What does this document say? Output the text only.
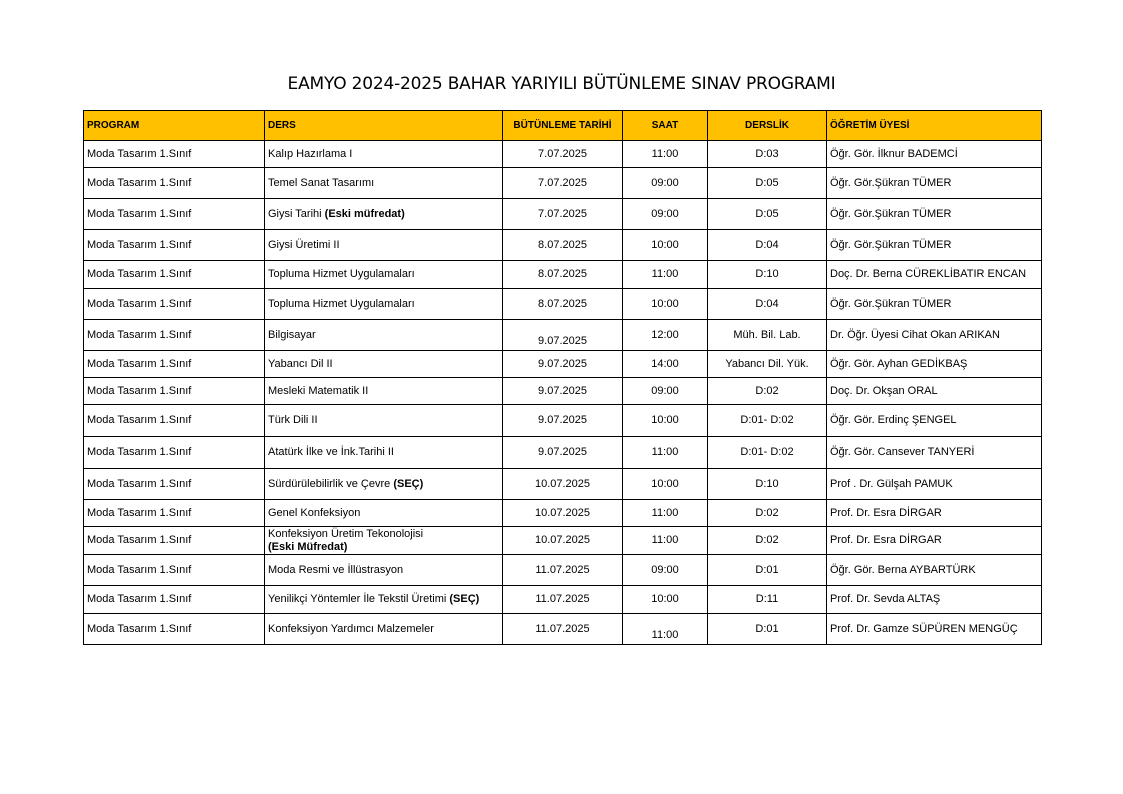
EAMYO 2024-2025 BAHAR YARIYILI BÜTÜNLEME SINAV PROGRAMI
PROGRAM	DERS	BÜTÜNLEME TARİHİ	SAAT	DERSLİK	ÖĞRETİM ÜYESİ
Moda Tasarım 1.Sınıf	Kalıp Hazırlama I	7.07.2025	11:00	D:03	Öğr. Gör. İlknur BADEMCİ
Moda Tasarım 1.Sınıf	Temel Sanat Tasarımı	7.07.2025	09:00	D:05	Öğr. Gör.Şükran TÜMER
Moda Tasarım 1.Sınıf	Giysi Tarihi (Eski müfredat)	7.07.2025	09:00	D:05	Öğr. Gör.Şükran TÜMER
Moda Tasarım 1.Sınıf	Giysi Üretimi II	8.07.2025	10:00	D:04	Öğr. Gör.Şükran TÜMER
Moda Tasarım 1.Sınıf	Topluma Hizmet Uygulamaları	8.07.2025	11:00	D:10	Doç. Dr. Berna CÜREKLİBATIR ENCAN
Moda Tasarım 1.Sınıf	Topluma Hizmet Uygulamaları	8.07.2025	10:00	D:04	Öğr. Gör.Şükran TÜMER
Moda Tasarım 1.Sınıf	Bilgisayar	9.07.2025	12:00	Müh. Bil. Lab.	Dr. Öğr. Üyesi Cihat Okan ARIKAN
Moda Tasarım 1.Sınıf	Yabancı Dil II	9.07.2025	14:00	Yabancı Dil. Yük.	Öğr. Gör. Ayhan GEDİKBAŞ
Moda Tasarım 1.Sınıf	Mesleki Matematik II	9.07.2025	09:00	D:02	Doç. Dr. Okşan ORAL
Moda Tasarım 1.Sınıf	Türk Dili II	9.07.2025	10:00	D:01- D:02	Öğr. Gör. Erdinç ŞENGEL
Moda Tasarım 1.Sınıf	Atatürk İlke ve İnk.Tarihi II	9.07.2025	11:00	D:01- D:02	Öğr. Gör. Cansever TANYERİ
Moda Tasarım 1.Sınıf	Sürdürülebilirlik ve Çevre (SEÇ)	10.07.2025	10:00	D:10	Prof . Dr. Gülşah PAMUK
Moda Tasarım 1.Sınıf	Genel Konfeksiyon	10.07.2025	11:00	D:02	Prof. Dr. Esra DİRGAR
Moda Tasarım 1.Sınıf	Konfeksiyon Üretim Tekonolojisi
(Eski Müfredat)	10.07.2025	11:00	D:02	Prof. Dr. Esra DİRGAR
Moda Tasarım 1.Sınıf	Moda Resmi ve İllüstrasyon	11.07.2025	09:00	D:01	Öğr. Gör. Berna AYBARTÜRK
Moda Tasarım 1.Sınıf	Yenilikçi Yöntemler İle Tekstil Üretimi (SEÇ)	11.07.2025	10:00	D:11	Prof. Dr. Sevda ALTAŞ
Moda Tasarım 1.Sınıf	Konfeksiyon Yardımcı Malzemeler	11.07.2025	11:00	D:01	Prof. Dr. Gamze SÜPÜREN MENGÜÇ
